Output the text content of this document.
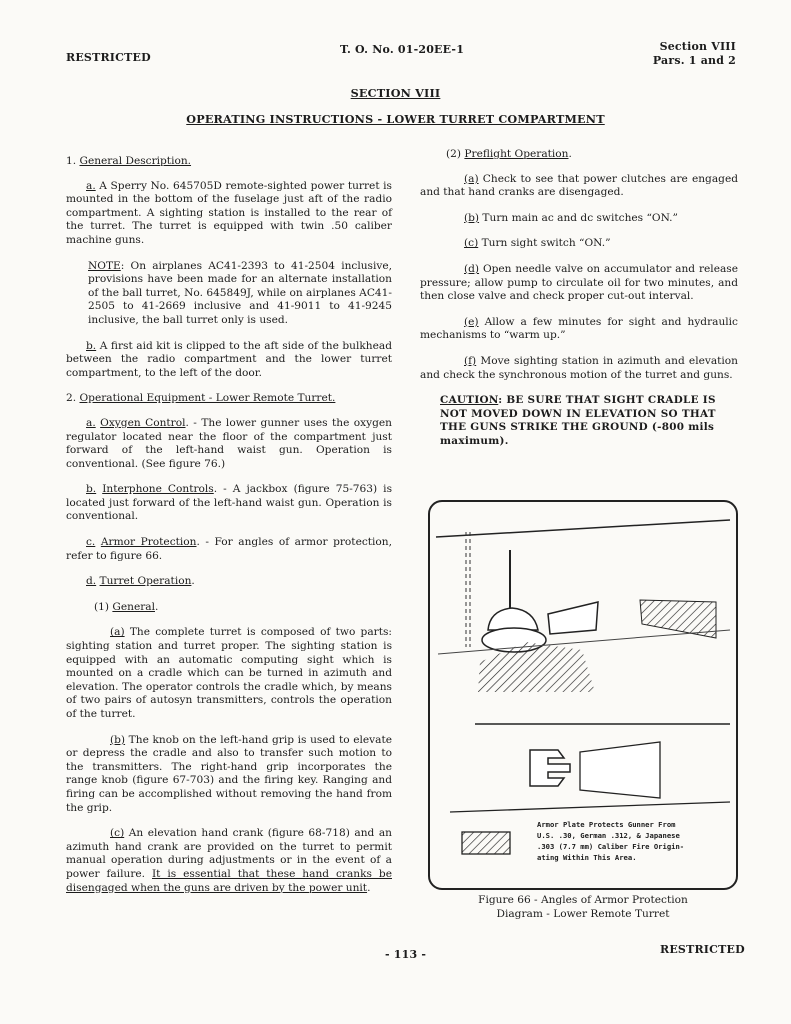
RESTRICTED
T. O. No. 01-20EE-1	Section VIII
Pars. 1 and 2
SECTION VIII
OPERATING INSTRUCTIONS - LOWER TURRET COMPARTMENT

1. General Description.

a. A Sperry No. 645705D remote-sighted power turret is mounted in the bottom of the fuselage just aft of the radio compartment. A sighting station is installed to the rear of the turret. The turret is equipped with twin .50 caliber machine guns.

NOTE: On airplanes AC41-2393 to 41-2504 inclusive, provisions have been made for an alternate installation of the ball turret, No. 645849J, while on airplanes AC41-2505 to 41-2669 inclusive and 41-9011 to 41-9245 inclusive, the ball turret only is used.

b. A first aid kit is clipped to the aft side of the bulkhead between the radio compartment and the lower turret compartment, to the left of the door.

2. Operational Equipment - Lower Remote Turret.

a. Oxygen Control. - The lower gunner uses the oxygen regulator located near the floor of the compartment just forward of the left-hand waist gun. Operation is conventional. (See figure 76.)

b. Interphone Controls. - A jackbox (figure 75-763) is located just forward of the left-hand waist gun. Operation is conventional.

c. Armor Protection. - For angles of armor protection, refer to figure 66.

d. Turret Operation.

(1) General.

(a) The complete turret is composed of two parts: sighting station and turret proper. The sighting station is equipped with an automatic computing sight which is mounted on a cradle which can be turned in azimuth and elevation. The operator controls the cradle which, by means of two pairs of autosyn transmitters, controls the operation of the turret.

(b) The knob on the left-hand grip is used to elevate or depress the cradle and also to transfer such motion to the transmitters. The right-hand grip incorporates the range knob (figure 67-703) and the firing key. Ranging and firing can be accomplished without removing the hand from the grip.

(c) An elevation hand crank (figure 68-718) and an azimuth hand crank are provided on the turret to permit manual operation during adjustments or in the event of a power failure. It is essential that these hand cranks be disengaged when the guns are driven by the power unit.

(2) Preflight Operation.

(a) Check to see that power clutches are engaged and that hand cranks are disengaged.

(b) Turn main ac and dc switches “ON.”

(c) Turn sight switch “ON.”

(d) Open needle valve on accumulator and release pressure; allow pump to circulate oil for two minutes, and then close valve and check proper cut-out interval.

(e) Allow a few minutes for sight and hydraulic mechanisms to “warm up.”

(f) Move sighting station in azimuth and elevation and check the synchronous motion of the turret and guns.

CAUTION: BE SURE THAT SIGHT CRADLE IS NOT MOVED DOWN IN ELEVATION SO THAT THE GUNS STRIKE THE GROUND (-800 mils maximum).

Armor Plate Protects Gunner From
U.S. .30, German .312, & Japanese
.303 (7.7 mm) Caliber Fire Origin-
ating Within This Area.
Figure 66 - Angles of Armor Protection
Diagram - Lower Remote Turret
- 113 -	RESTRICTED
